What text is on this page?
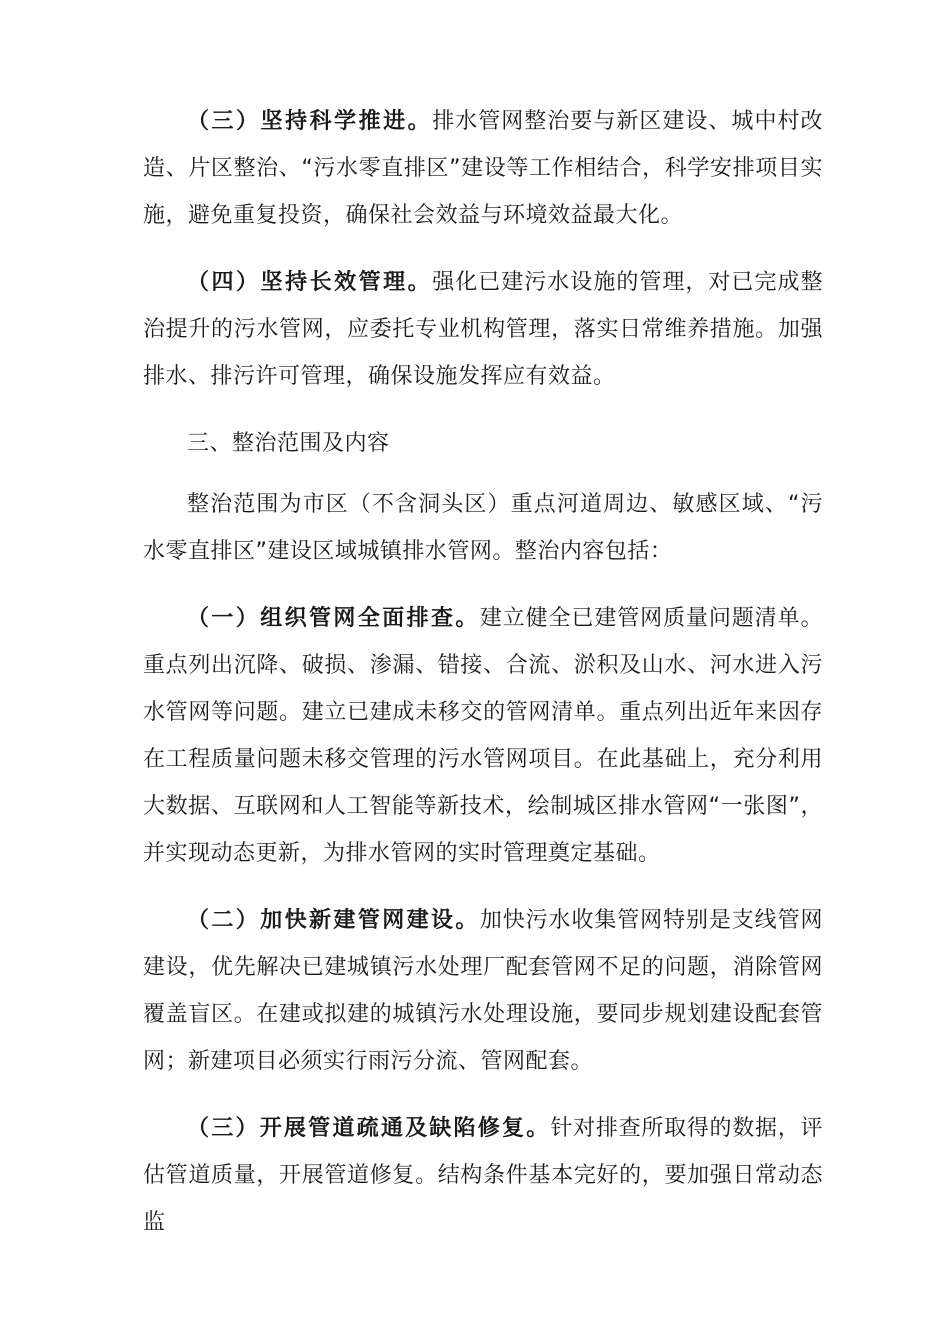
（三）坚持科学推进。排水管网整治要与新区建设、城中村改造、片区整治、“污水零直排区”建设等工作相结合，科学安排项目实施，避免重复投资，确保社会效益与环境效益最大化。

（四）坚持长效管理。强化已建污水设施的管理，对已完成整治提升的污水管网，应委托专业机构管理，落实日常维养措施。加强排水、排污许可管理，确保设施发挥应有效益。

三、整治范围及内容

整治范围为市区（不含洞头区）重点河道周边、敏感区域、“污水零直排区”建设区域城镇排水管网。整治内容包括：

（一）组织管网全面排查。建立健全已建管网质量问题清单。重点列出沉降、破损、渗漏、错接、合流、淤积及山水、河水进入污水管网等问题。建立已建成未移交的管网清单。重点列出近年来因存在工程质量问题未移交管理的污水管网项目。在此基础上，充分利用大数据、互联网和人工智能等新技术，绘制城区排水管网“一张图”，并实现动态更新，为排水管网的实时管理奠定基础。

（二）加快新建管网建设。加快污水收集管网特别是支线管网建设，优先解决已建城镇污水处理厂配套管网不足的问题，消除管网覆盖盲区。在建或拟建的城镇污水处理设施，要同步规划建设配套管网；新建项目必须实行雨污分流、管网配套。

（三）开展管道疏通及缺陷修复。针对排查所取得的数据，评估管道质量，开展管道修复。结构条件基本完好的，要加强日常动态监
